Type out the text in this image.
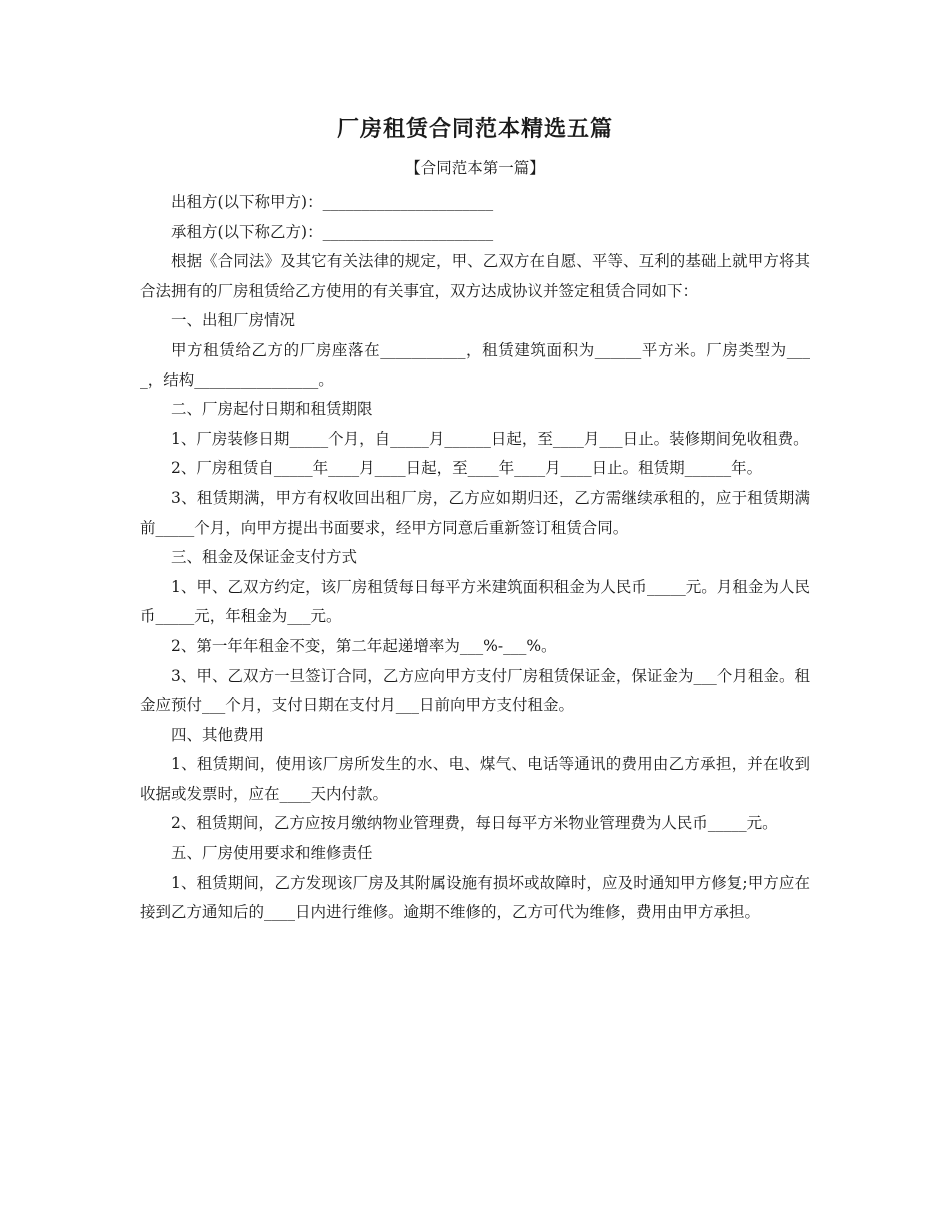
厂房租赁合同范本精选五篇
【合同范本第一篇】

出租方(以下称甲方)：______________________

承租方(以下称乙方)：______________________

根据《合同法》及其它有关法律的规定，甲、乙双方在自愿、平等、互利的基础上就甲方将其合法拥有的厂房租赁给乙方使用的有关事宜，双方达成协议并签定租赁合同如下：

一、出租厂房情况

甲方租赁给乙方的厂房座落在___________，租赁建筑面积为______平方米。厂房类型为____，结构________________。

二、厂房起付日期和租赁期限

1、厂房装修日期_____个月，自_____月______日起，至____月___日止。装修期间免收租费。

2、厂房租赁自_____年____月____日起，至____年____月____日止。租赁期______年。

3、租赁期满，甲方有权收回出租厂房，乙方应如期归还，乙方需继续承租的，应于租赁期满前_____个月，向甲方提出书面要求，经甲方同意后重新签订租赁合同。

三、租金及保证金支付方式

1、甲、乙双方约定，该厂房租赁每日每平方米建筑面积租金为人民币_____元。月租金为人民币_____元，年租金为___元。

2、第一年年租金不变，第二年起递增率为___%-___%。

3、甲、乙双方一旦签订合同，乙方应向甲方支付厂房租赁保证金，保证金为___个月租金。租金应预付___个月，支付日期在支付月___日前向甲方支付租金。

四、其他费用

1、租赁期间，使用该厂房所发生的水、电、煤气、电话等通讯的费用由乙方承担，并在收到收据或发票时，应在____天内付款。

2、租赁期间，乙方应按月缴纳物业管理费，每日每平方米物业管理费为人民币_____元。

五、厂房使用要求和维修责任

1、租赁期间，乙方发现该厂房及其附属设施有损坏或故障时，应及时通知甲方修复;甲方应在接到乙方通知后的____日内进行维修。逾期不维修的，乙方可代为维修，费用由甲方承担。
